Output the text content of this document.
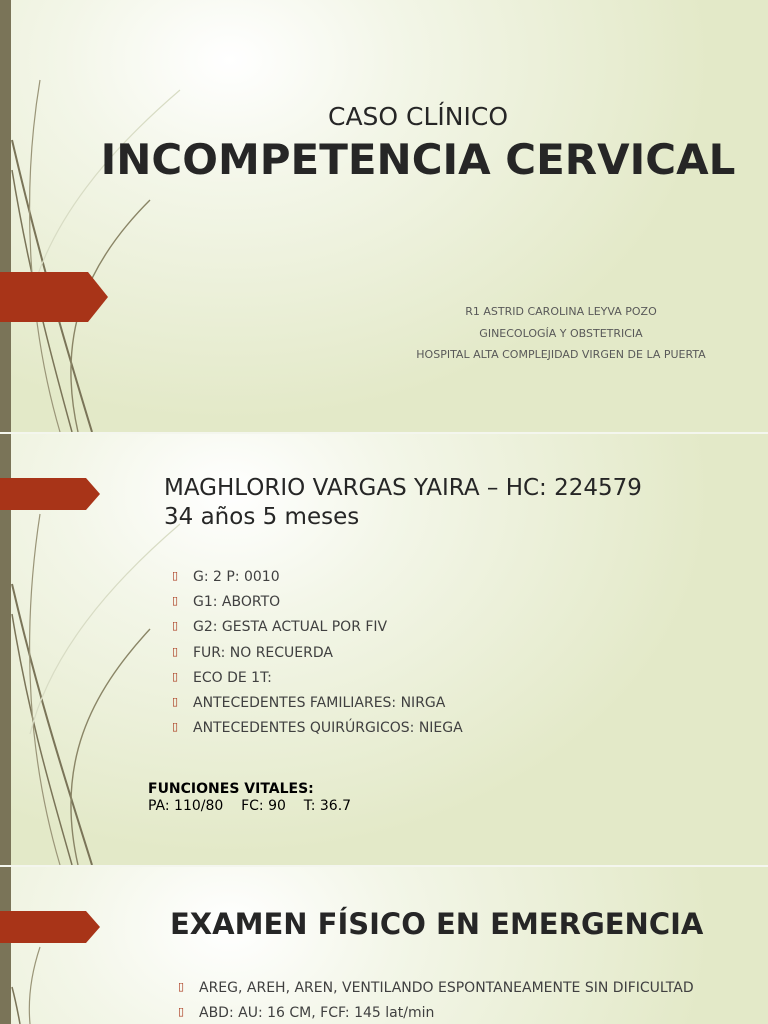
CASO CLÍNICO
INCOMPETENCIA CERVICAL
R1 ASTRID CAROLINA LEYVA POZO
GINECOLOGÍA Y OBSTETRICIA
HOSPITAL ALTA COMPLEJIDAD VIRGEN DE LA PUERTA
MAGHLORIO VARGAS YAIRA – HC: 224579
34 años 5 meses
▯ G: 2 P: 0010
▯ G1: ABORTO
▯ G2: GESTA ACTUAL POR FIV
▯ FUR: NO RECUERDA
▯ ECO DE 1T:
▯ ANTECEDENTES FAMILIARES: NIRGA
▯ ANTECEDENTES QUIRÚRGICOS: NIEGA
FUNCIONES VITALES:
PA: 110/80    FC: 90    T: 36.7
EXAMEN FÍSICO EN EMERGENCIA
▯ AREG, AREH, AREN, VENTILANDO ESPONTANEAMENTE SIN DIFICULTAD
▯ ABD: AU: 16 CM, FCF: 145 lat/min
